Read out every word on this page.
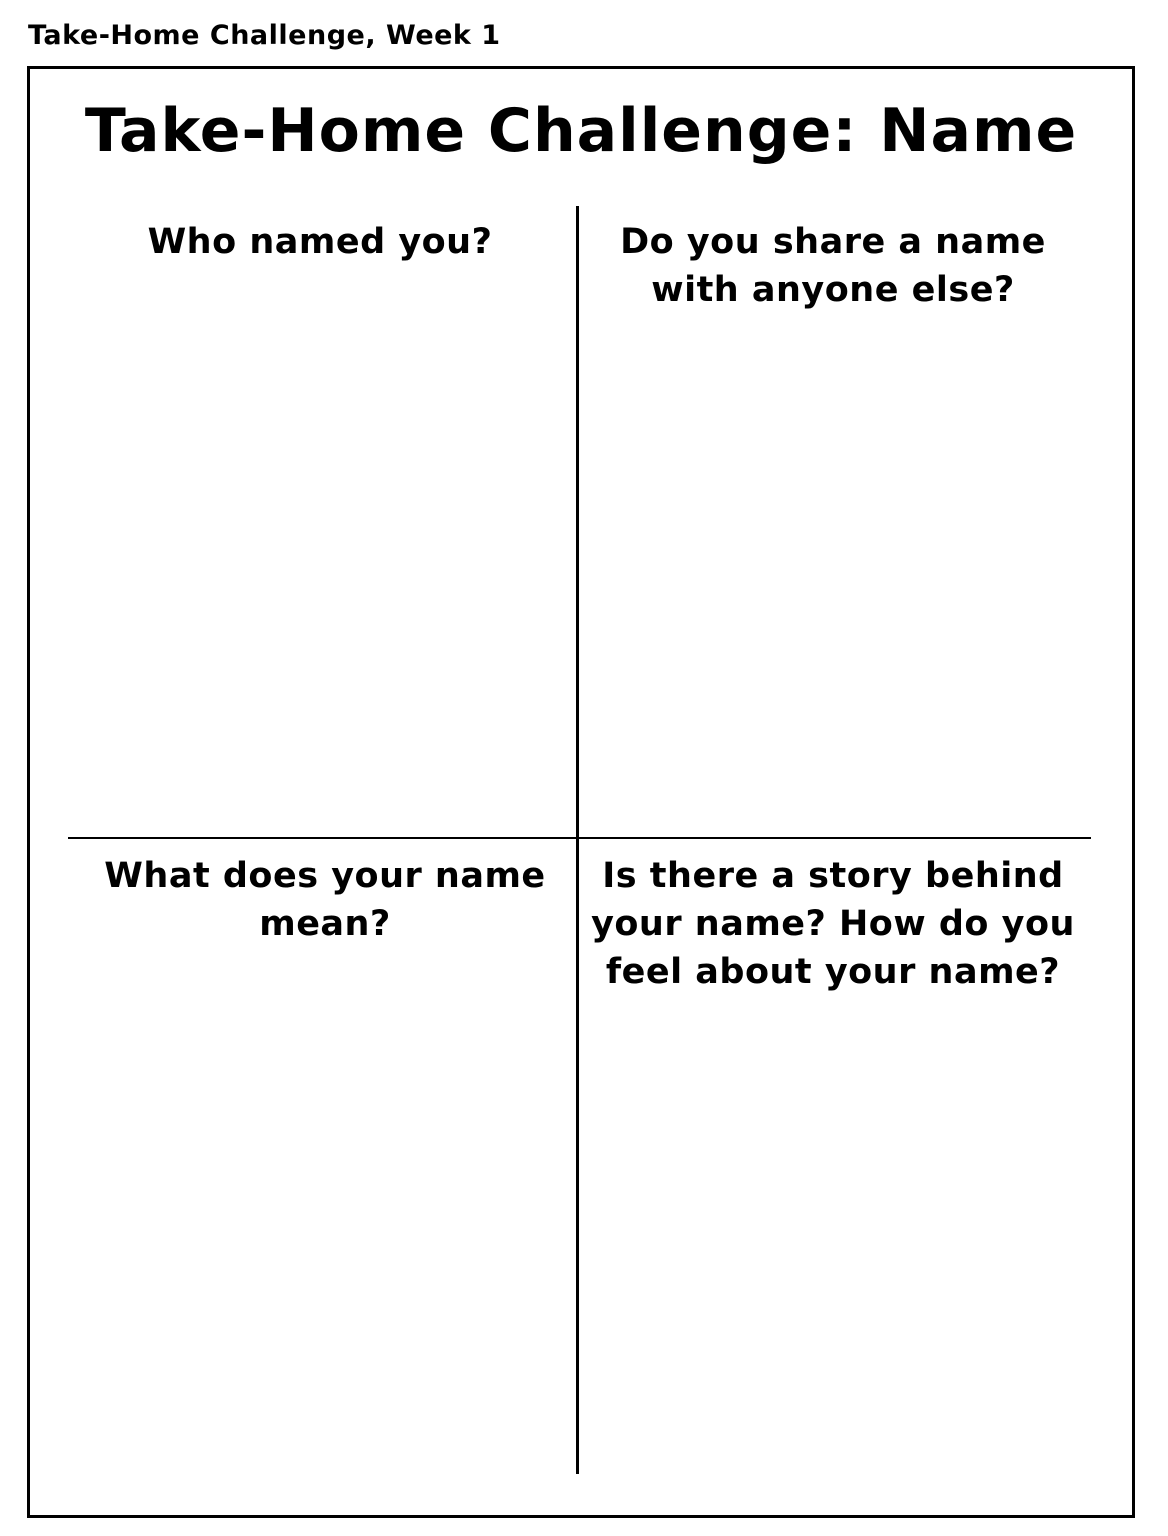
Take-Home Challenge, Week 1
Take-Home Challenge: Name
Who named you?	Do you share a name with anyone else?
What does your name mean?
Is there a story behind your name? How do you feel about your name?
